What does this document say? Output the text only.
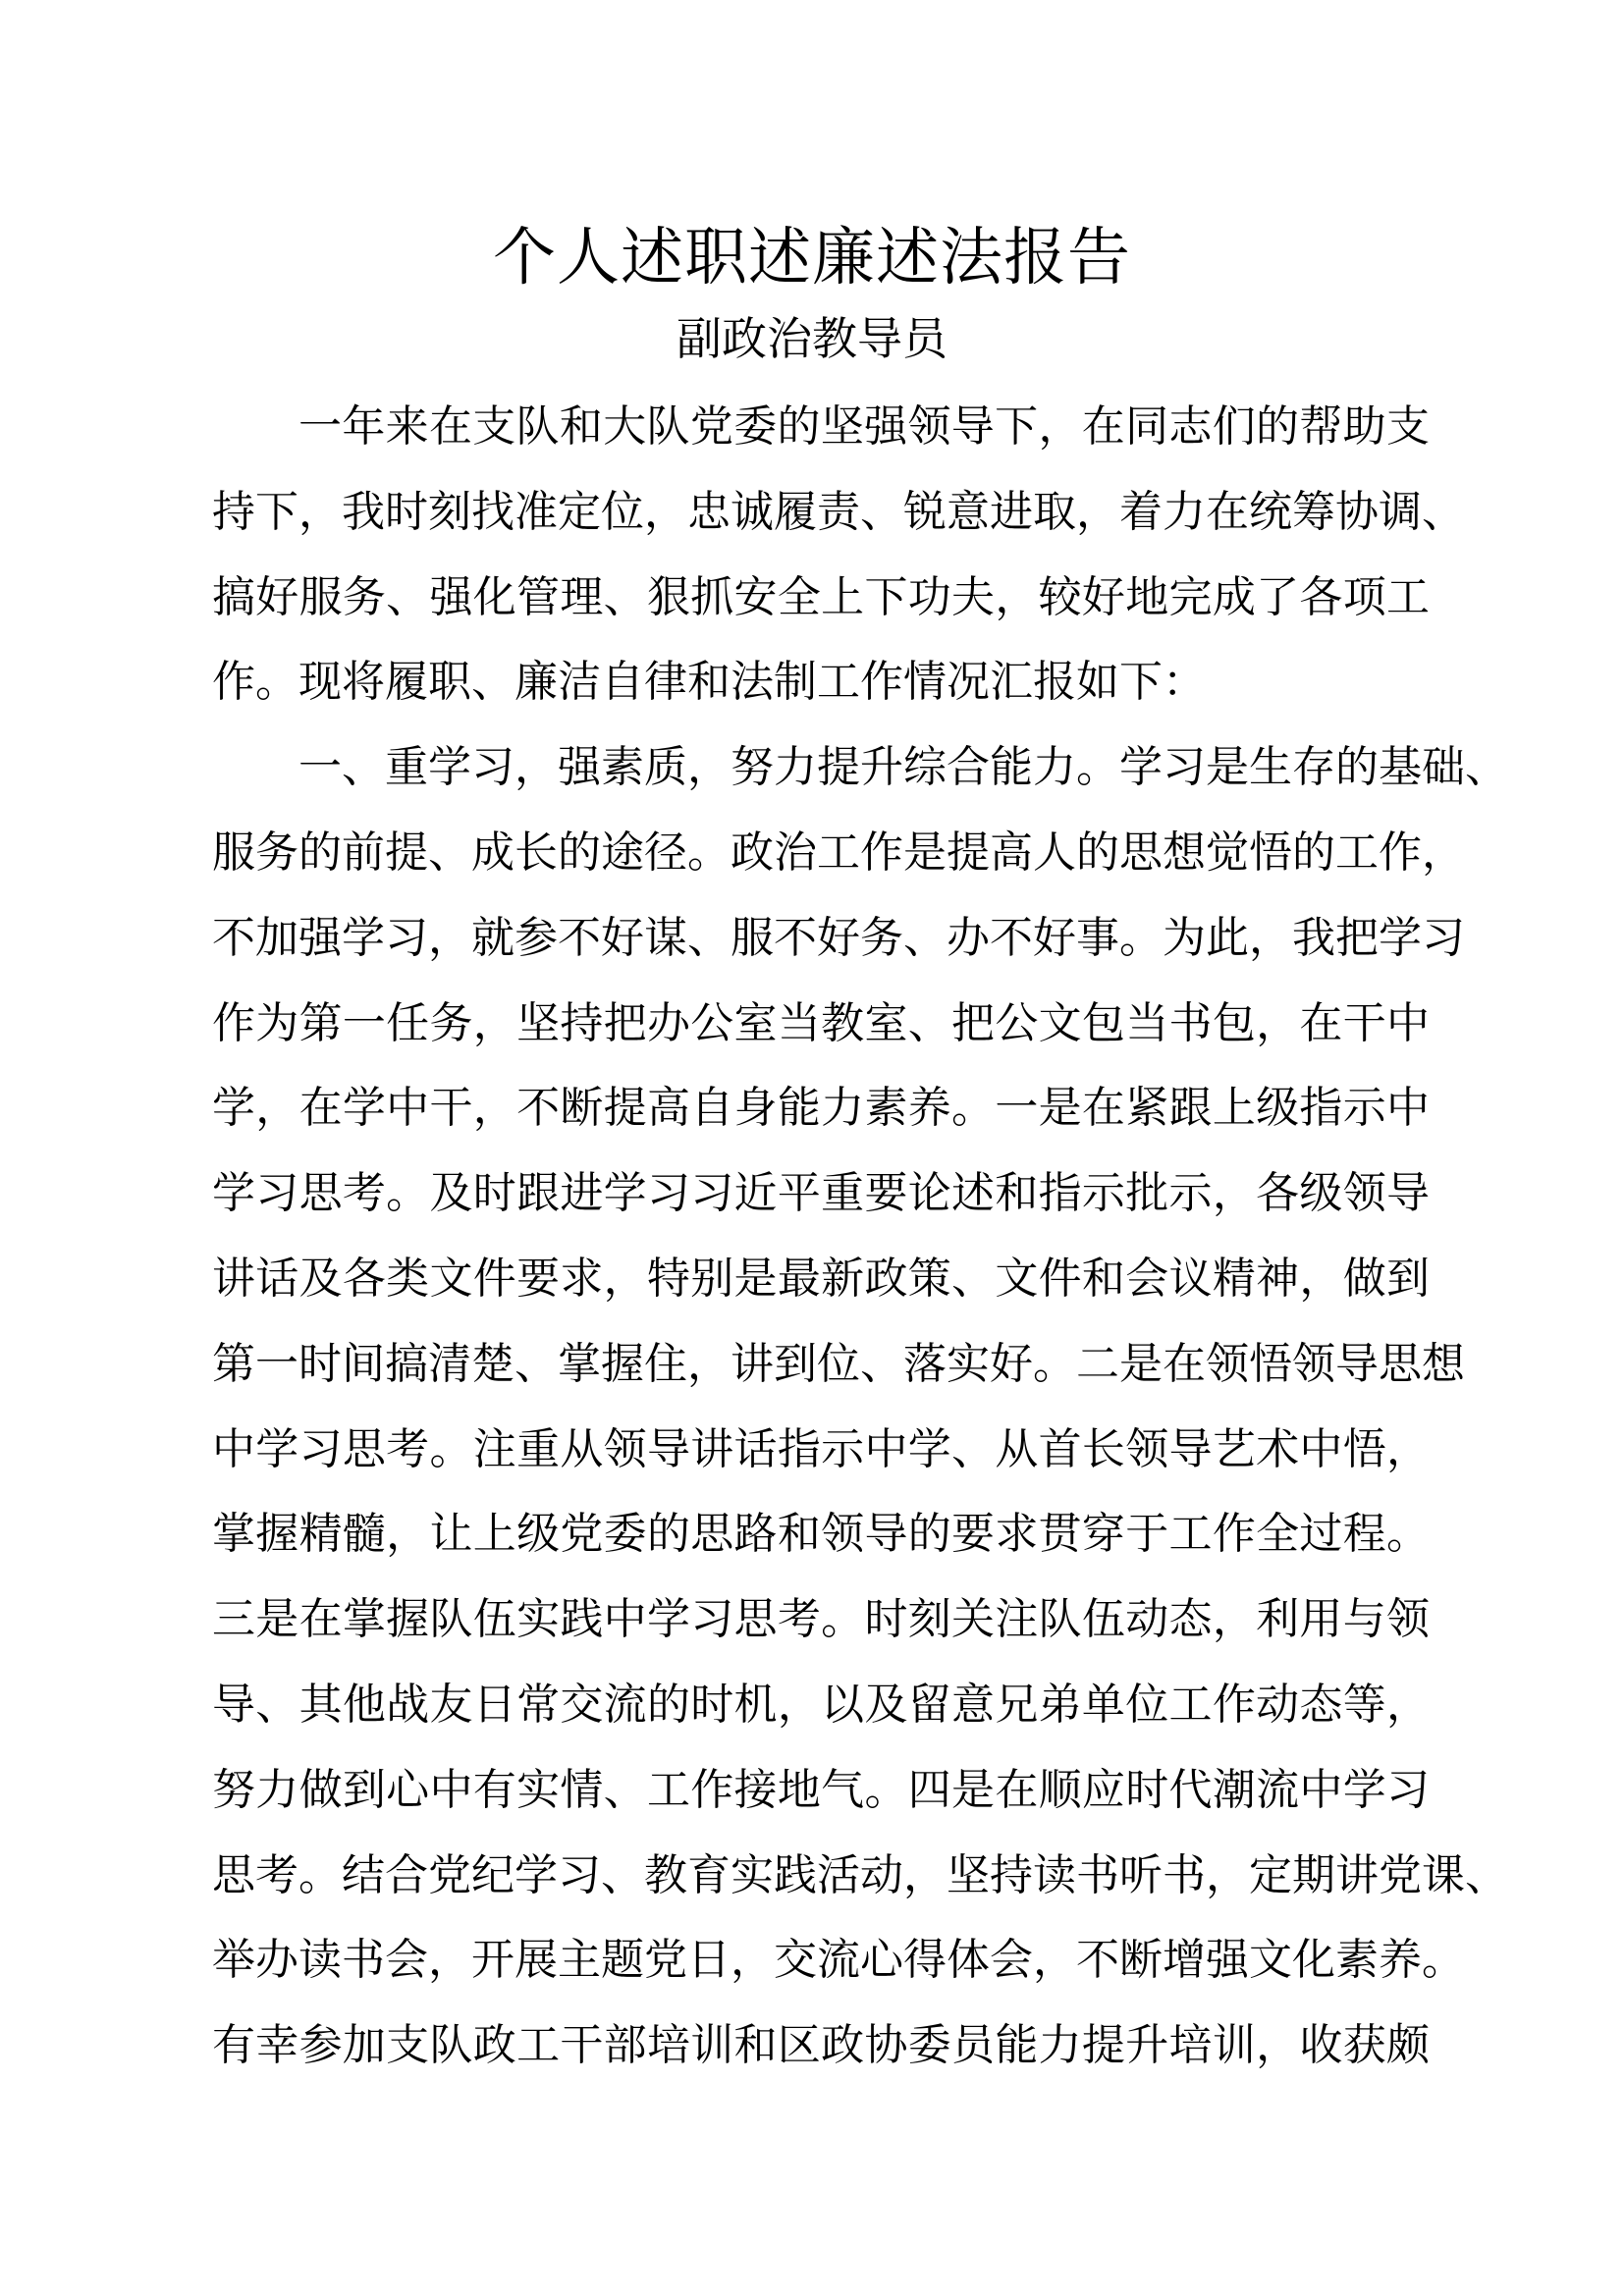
个人述职述廉述法报告
副政治教导员
一年来在支队和大队党委的坚强领导下，在同志们的帮助支
持下，我时刻找准定位，忠诚履责、锐意进取，着力在统筹协调、
搞好服务、强化管理、狠抓安全上下功夫，较好地完成了各项工
作。现将履职、廉洁自律和法制工作情况汇报如下：
一、重学习，强素质，努力提升综合能力。学习是生存的基础、
服务的前提、成长的途径。政治工作是提高人的思想觉悟的工作，
不加强学习，就参不好谋、服不好务、办不好事。为此，我把学习
作为第一任务，坚持把办公室当教室、把公文包当书包，在干中
学，在学中干，不断提高自身能力素养。一是在紧跟上级指示中
学习思考。及时跟进学习习近平重要论述和指示批示，各级领导
讲话及各类文件要求，特别是最新政策、文件和会议精神，做到
第一时间搞清楚、掌握住，讲到位、落实好。二是在领悟领导思想
中学习思考。注重从领导讲话指示中学、从首长领导艺术中悟，
掌握精髓，让上级党委的思路和领导的要求贯穿于工作全过程。
三是在掌握队伍实践中学习思考。时刻关注队伍动态，利用与领
导、其他战友日常交流的时机，以及留意兄弟单位工作动态等，
努力做到心中有实情、工作接地气。四是在顺应时代潮流中学习
思考。结合党纪学习、教育实践活动，坚持读书听书，定期讲党课、
举办读书会，开展主题党日，交流心得体会，不断增强文化素养。
有幸参加支队政工干部培训和区政协委员能力提升培训，收获颇
